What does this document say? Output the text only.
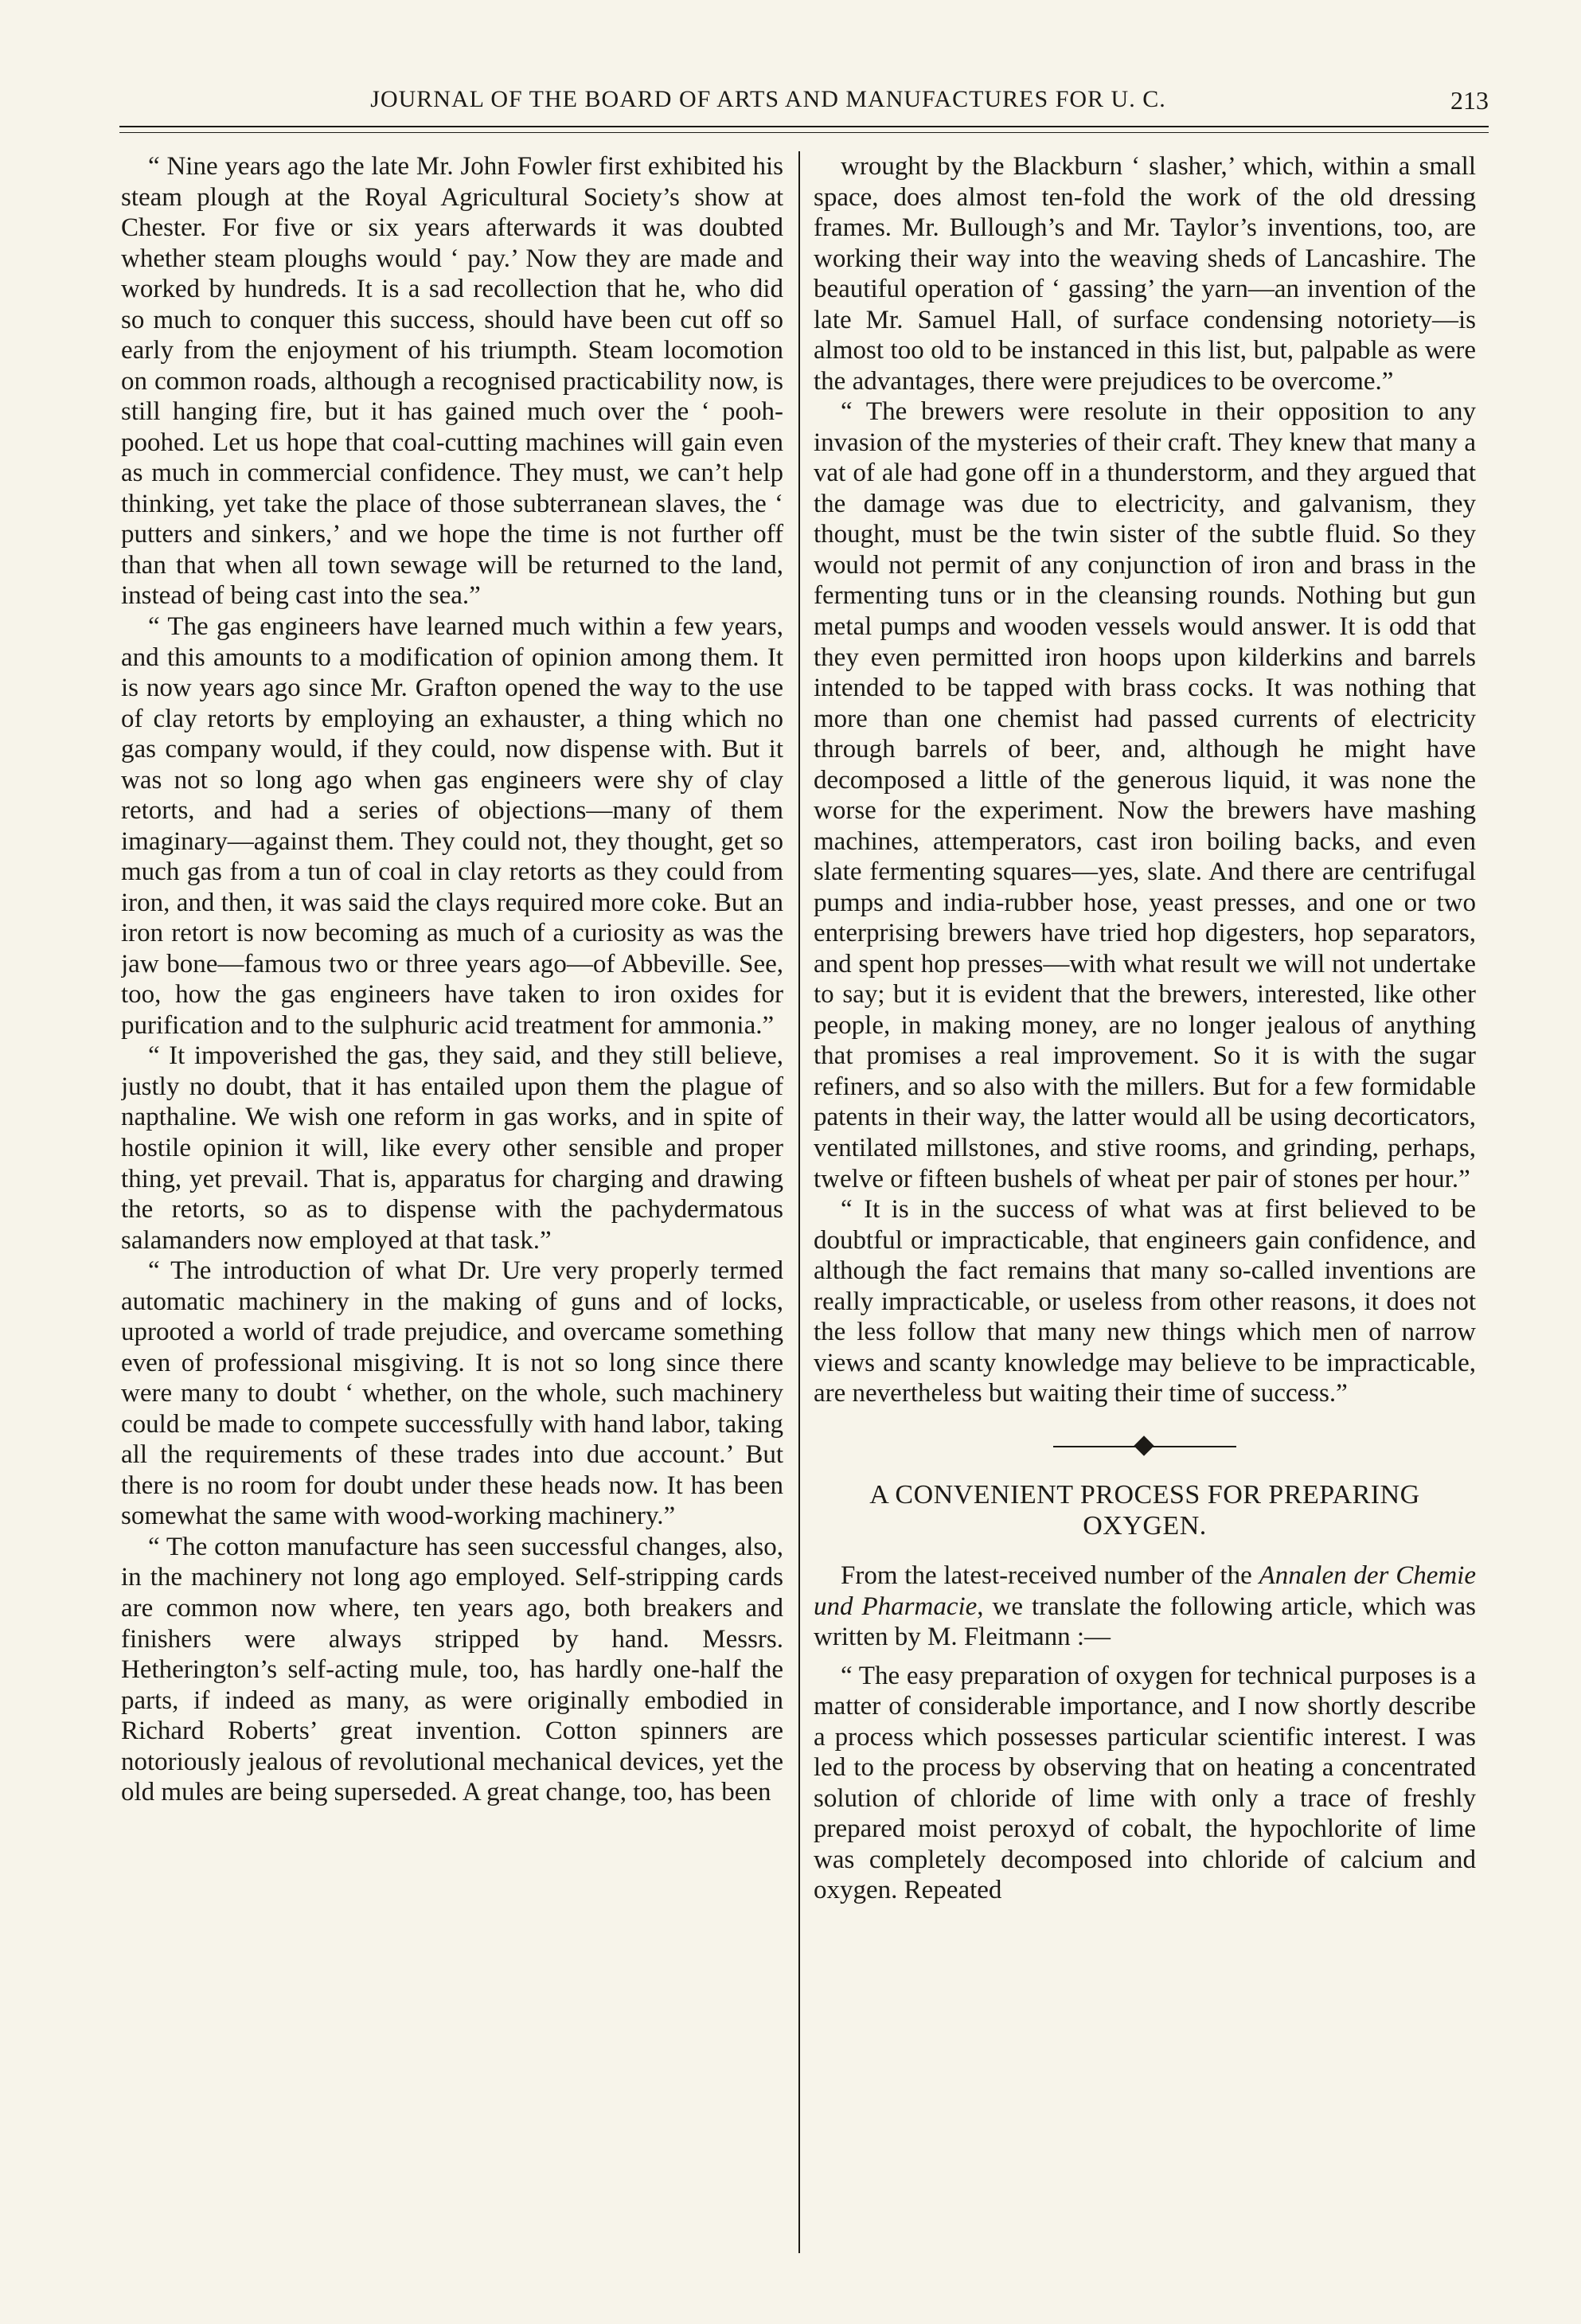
JOURNAL OF THE BOARD OF ARTS AND MANUFACTURES FOR U. C.	213

“ Nine years ago the late Mr. John Fowler first exhibited his steam plough at the Royal Agricultural Society’s show at Chester. For five or six years afterwards it was doubted whether steam ploughs would ‘ pay.’ Now they are made and worked by hundreds. It is a sad recollection that he, who did so much to conquer this success, should have been cut off so early from the enjoyment of his triumpth. Steam locomotion on common roads, although a recognised practicability now, is still hanging fire, but it has gained much over the ‘ pooh-poohed. Let us hope that coal-cutting machines will gain even as much in commercial confidence. They must, we can’t help thinking, yet take the place of those subterranean slaves, the ‘ putters and sinkers,’ and we hope the time is not further off than that when all town sewage will be returned to the land, instead of being cast into the sea.”

“ The gas engineers have learned much within a few years, and this amounts to a modification of opinion among them. It is now years ago since Mr. Grafton opened the way to the use of clay retorts by employing an exhauster, a thing which no gas company would, if they could, now dispense with. But it was not so long ago when gas engineers were shy of clay retorts, and had a series of objections—many of them imaginary—against them. They could not, they thought, get so much gas from a tun of coal in clay retorts as they could from iron, and then, it was said the clays required more coke. But an iron retort is now becoming as much of a curiosity as was the jaw bone—famous two or three years ago—of Abbeville. See, too, how the gas engineers have taken to iron oxides for purification and to the sulphuric acid treatment for ammonia.”

“ It impoverished the gas, they said, and they still believe, justly no doubt, that it has entailed upon them the plague of napthaline. We wish one reform in gas works, and in spite of hostile opinion it will, like every other sensible and proper thing, yet prevail. That is, apparatus for charging and drawing the retorts, so as to dispense with the pachydermatous salamanders now employed at that task.”

“ The introduction of what Dr. Ure very properly termed automatic machinery in the making of guns and of locks, uprooted a world of trade prejudice, and overcame something even of professional misgiving. It is not so long since there were many to doubt ‘ whether, on the whole, such machinery could be made to compete successfully with hand labor, taking all the requirements of these trades into due account.’ But there is no room for doubt under these heads now. It has been somewhat the same with wood-working machinery.”

“ The cotton manufacture has seen successful changes, also, in the machinery not long ago employed. Self-stripping cards are common now where, ten years ago, both breakers and finishers were always stripped by hand. Messrs. Hetherington’s self-acting mule, too, has hardly one-half the parts, if indeed as many, as were originally embodied in Richard Roberts’ great invention. Cotton spinners are notoriously jealous of revolutional mechanical devices, yet the old mules are being superseded. A great change, too, has been

wrought by the Blackburn ‘ slasher,’ which, within a small space, does almost ten-fold the work of the old dressing frames. Mr. Bullough’s and Mr. Taylor’s inventions, too, are working their way into the weaving sheds of Lancashire. The beautiful operation of ‘ gassing’ the yarn—an invention of the late Mr. Samuel Hall, of surface condensing notoriety—is almost too old to be instanced in this list, but, palpable as were the advantages, there were prejudices to be overcome.”

“ The brewers were resolute in their opposition to any invasion of the mysteries of their craft. They knew that many a vat of ale had gone off in a thunderstorm, and they argued that the damage was due to electricity, and galvanism, they thought, must be the twin sister of the subtle fluid. So they would not permit of any conjunction of iron and brass in the fermenting tuns or in the cleansing rounds. Nothing but gun metal pumps and wooden vessels would answer. It is odd that they even permitted iron hoops upon kilderkins and barrels intended to be tapped with brass cocks. It was nothing that more than one chemist had passed currents of electricity through barrels of beer, and, although he might have decomposed a little of the generous liquid, it was none the worse for the experiment. Now the brewers have mashing machines, attemperators, cast iron boiling backs, and even slate fermenting squares—yes, slate. And there are centrifugal pumps and india-rubber hose, yeast presses, and one or two enterprising brewers have tried hop digesters, hop separators, and spent hop presses—with what result we will not undertake to say; but it is evident that the brewers, interested, like other people, in making money, are no longer jealous of anything that promises a real improvement. So it is with the sugar refiners, and so also with the millers. But for a few formidable patents in their way, the latter would all be using decorticators, ventilated millstones, and stive rooms, and grinding, perhaps, twelve or fifteen bushels of wheat per pair of stones per hour.”

“ It is in the success of what was at first believed to be doubtful or impracticable, that engineers gain confidence, and although the fact remains that many so-called inventions are really impracticable, or useless from other reasons, it does not the less follow that many new things which men of narrow views and scanty knowledge may believe to be impracticable, are nevertheless but waiting their time of success.”

A CONVENIENT PROCESS FOR PREPARING OXYGEN.

From the latest-received number of the Annalen der Chemie und Pharmacie, we translate the following article, which was written by M. Fleitmann :—

“ The easy preparation of oxygen for technical purposes is a matter of considerable importance, and I now shortly describe a process which possesses particular scientific interest. I was led to the process by observing that on heating a concentrated solution of chloride of lime with only a trace of freshly prepared moist peroxyd of cobalt, the hypochlorite of lime was completely decomposed into chloride of calcium and oxygen. Repeated
